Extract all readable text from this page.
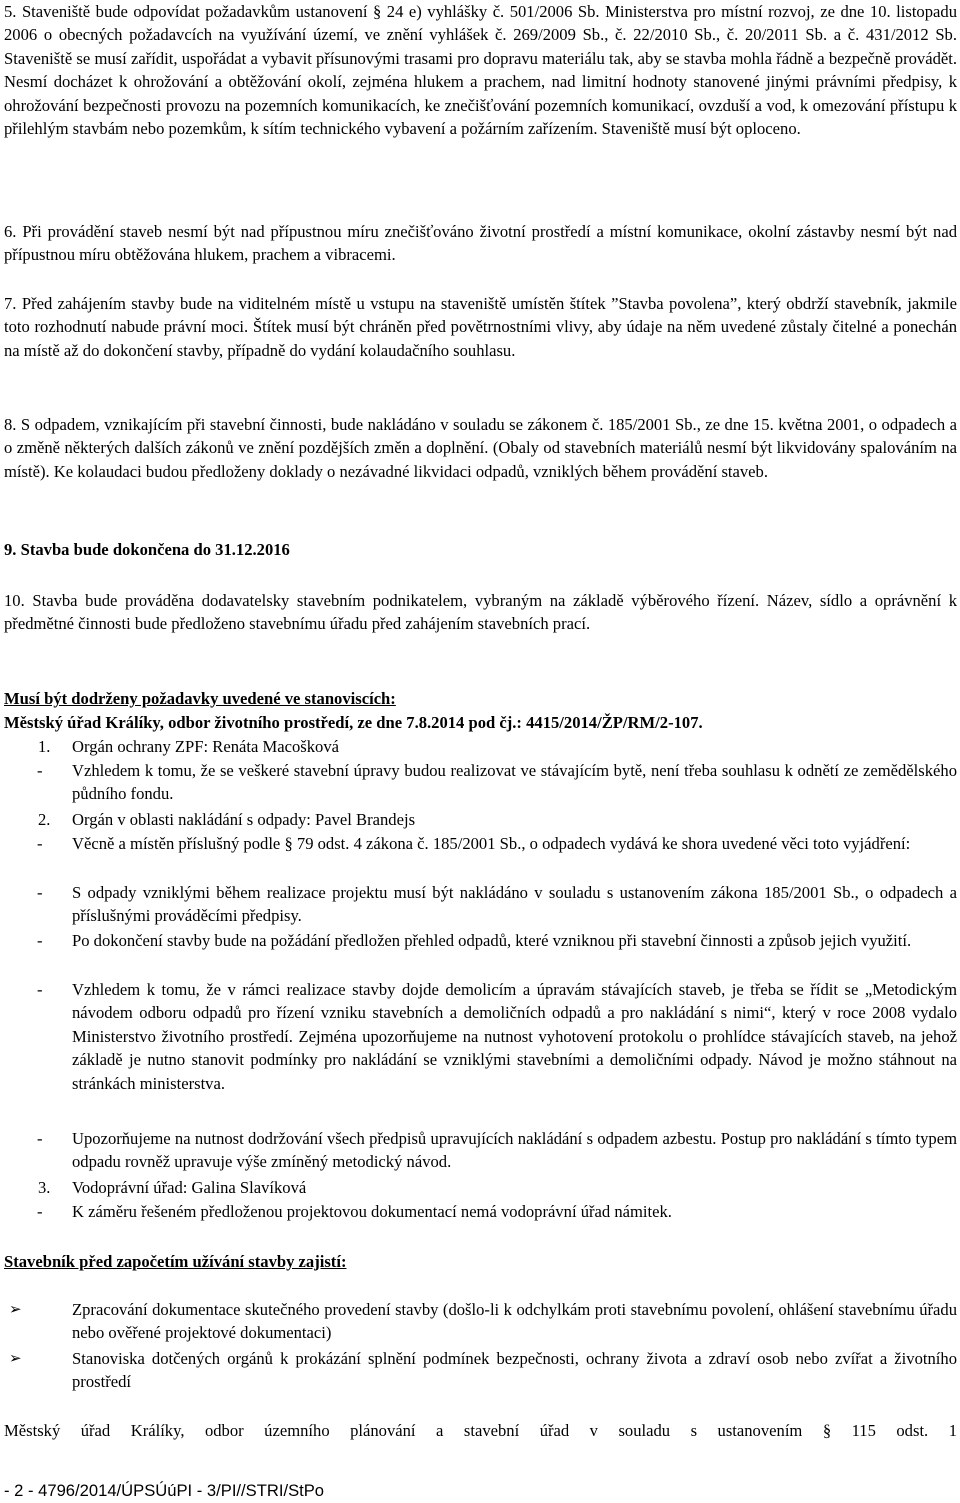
5. Staveniště bude odpovídat požadavkům ustanovení § 24 e) vyhlášky č. 501/2006 Sb. Ministerstva pro místní rozvoj, ze dne 10. listopadu 2006 o obecných požadavcích na využívání území, ve znění vyhlášek č. 269/2009 Sb., č. 22/2010 Sb., č. 20/2011 Sb. a č. 431/2012 Sb. Staveniště se musí zařídit, uspořádat a vybavit přísunovými trasami pro dopravu materiálu tak, aby se stavba mohla řádně a bezpečně provádět. Nesmí docházet k ohrožování a obtěžování okolí, zejména hlukem a prachem, nad limitní hodnoty stanovené jinými právními předpisy, k ohrožování bezpečnosti provozu na pozemních komunikacích, ke znečišťování pozemních komunikací, ovzduší a vod, k omezování přístupu k přilehlým stavbám nebo pozemkům, k sítím technického vybavení a požárním zařízením. Staveniště musí být oploceno.

6. Při provádění staveb nesmí být nad přípustnou míru znečišťováno životní prostředí a místní komunikace, okolní zástavby nesmí být nad přípustnou míru obtěžována hlukem, prachem a vibracemi.

7. Před zahájením stavby bude na viditelném místě u vstupu na staveniště umístěn štítek ”Stavba povolena”, který obdrží stavebník, jakmile toto rozhodnutí nabude právní moci. Štítek musí být chráněn před povětrnostními vlivy, aby údaje na něm uvedené zůstaly čitelné a ponechán na místě až do dokončení stavby, případně do vydání kolaudačního souhlasu.

8. S odpadem, vznikajícím při stavební činnosti, bude nakládáno v souladu se zákonem č. 185/2001 Sb., ze dne 15. května 2001, o odpadech a o změně některých dalších zákonů ve znění pozdějších změn a doplnění. (Obaly od stavebních materiálů nesmí být likvidovány spalováním na místě). Ke kolaudaci budou předloženy doklady o nezávadné likvidaci odpadů, vzniklých během provádění staveb.

9. Stavba bude dokončena do 31.12.2016

10. Stavba bude prováděna dodavatelsky stavebním podnikatelem, vybraným na základě výběrového řízení. Název, sídlo a oprávnění k předmětné činnosti bude předloženo stavebnímu úřadu před zahájením stavebních prací.

Musí být dodrženy požadavky uvedené ve stanoviscích:
Městský úřad Králíky, odbor životního prostředí, ze dne 7.8.2014 pod čj.: 4415/2014/ŽP/RM/2-107.
1. Orgán ochrany ZPF: Renáta Macošková
- Vzhledem k tomu, že se veškeré stavební úpravy budou realizovat ve stávajícím bytě, není třeba souhlasu k odnětí ze zemědělského půdního fondu.
2. Orgán v oblasti nakládání s odpady: Pavel Brandejs
- Věcně a místěn příslušný podle § 79 odst. 4 zákona č. 185/2001 Sb., o odpadech vydává ke shora uvedené věci toto vyjádření:
- S odpady vzniklými během realizace projektu musí být nakládáno v souladu s ustanovením zákona 185/2001 Sb., o odpadech a příslušnými prováděcími předpisy.
- Po dokončení stavby bude na požádání předložen přehled odpadů, které vzniknou při stavební činnosti a způsob jejich využití.
- Vzhledem k tomu, že v rámci realizace stavby dojde demolicím a úpravám stávajících staveb, je třeba se řídit se „Metodickým návodem odboru odpadů pro řízení vzniku stavebních a demoličních odpadů a pro nakládání s nimi“, který v roce 2008 vydalo Ministerstvo životního prostředí. Zejména upozorňujeme na nutnost vyhotovení protokolu o prohlídce stávajících staveb, na jehož základě je nutno stanovit podmínky pro nakládání se vzniklými stavebními a demoličními odpady. Návod je možno stáhnout na stránkách ministerstva.
- Upozorňujeme na nutnost dodržování všech předpisů upravujících nakládání s odpadem azbestu. Postup pro nakládání s tímto typem odpadu rovněž upravuje výše zmíněný metodický návod.
3. Vodoprávní úřad: Galina Slavíková
- K záměru řešeném předloženou projektovou dokumentací nemá vodoprávní úřad námitek.
Stavebník před započetím užívání stavby zajistí:
➢	Zpracování dokumentace skutečného provedení stavby (došlo-li k odchylkám proti stavebnímu povolení, ohlášení stavebnímu úřadu nebo ověřené projektové dokumentaci)
➢	Stanoviska dotčených orgánů k prokázání splnění podmínek bezpečnosti, ochrany života a zdraví osob nebo zvířat a životního prostředí

Městský úřad Králíky, odbor územního plánování a stavební úřad v souladu s ustanovením § 115 odst. 1

- 2 - 4796/2014/ÚPSÚúPI - 3/PI//STRI/StPo
